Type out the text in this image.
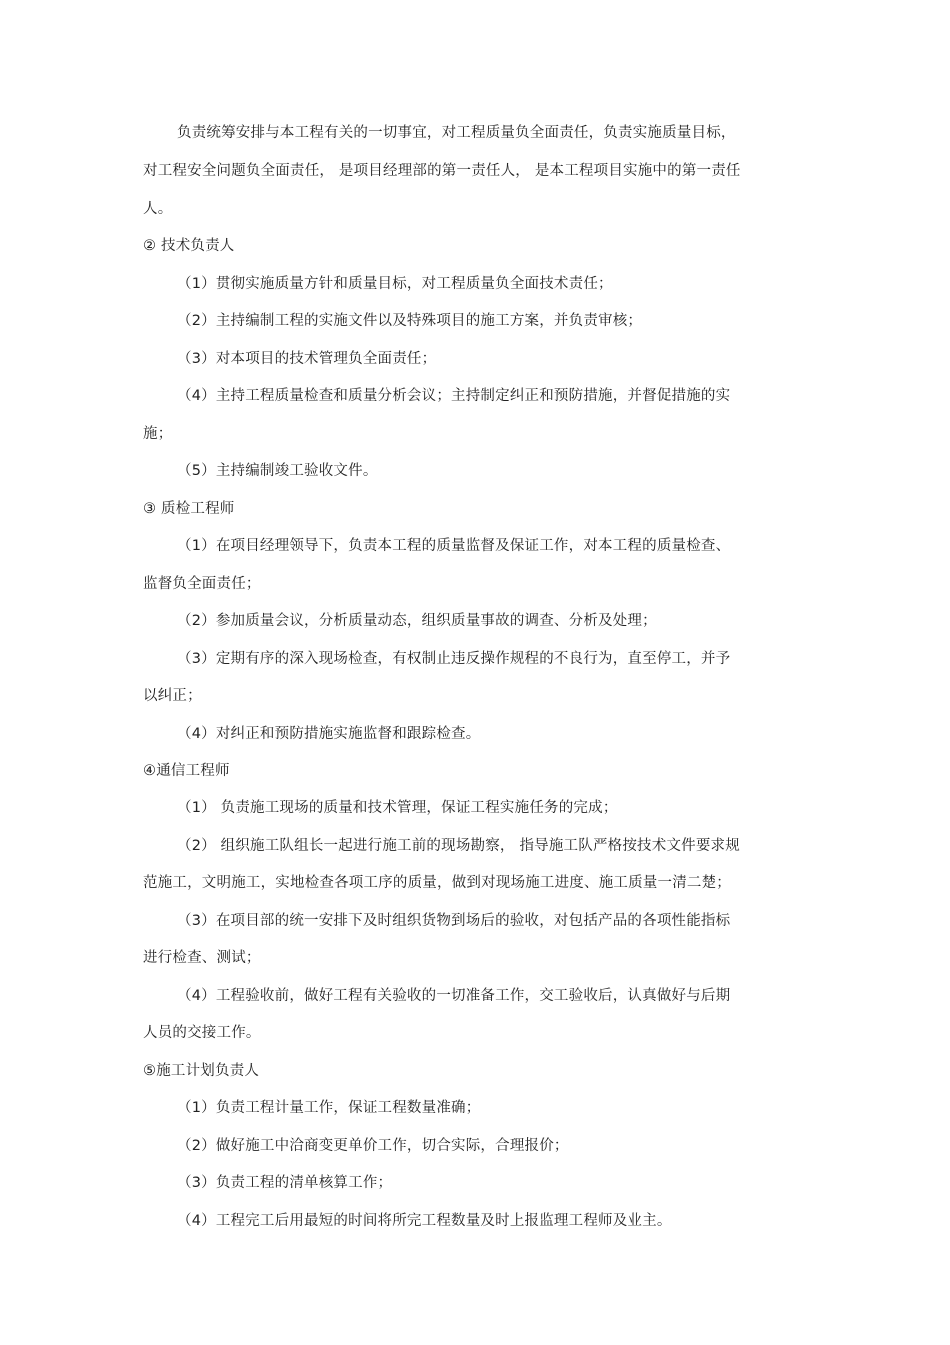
负责统筹安排与本工程有关的一切事宜，对工程质量负全面责任，负责实施质量目标，
对工程安全问题负全面责任， 是项目经理部的第一责任人， 是本工程项目实施中的第一责任
人。
② 技术负责人
（1）贯彻实施质量方针和质量目标，对工程质量负全面技术责任；
（2）主持编制工程的实施文件以及特殊项目的施工方案，并负责审核；
（3）对本项目的技术管理负全面责任；
（4）主持工程质量检查和质量分析会议；主持制定纠正和预防措施，并督促措施的实
施；
（5）主持编制竣工验收文件。
③ 质检工程师
（1）在项目经理领导下，负责本工程的质量监督及保证工作，对本工程的质量检查、
监督负全面责任；
（2）参加质量会议，分析质量动态，组织质量事故的调查、分析及处理；
（3）定期有序的深入现场检查，有权制止违反操作规程的不良行为，直至停工，并予
以纠正；
（4）对纠正和预防措施实施监督和跟踪检查。
④通信工程师
（1） 负责施工现场的质量和技术管理，保证工程实施任务的完成；
（2） 组织施工队组长一起进行施工前的现场勘察， 指导施工队严格按技术文件要求规
范施工，文明施工，实地检查各项工序的质量，做到对现场施工进度、施工质量一清二楚；
（3）在项目部的统一安排下及时组织货物到场后的验收，对包括产品的各项性能指标
进行检查、测试；
（4）工程验收前，做好工程有关验收的一切准备工作，交工验收后，认真做好与后期
人员的交接工作。
⑤施工计划负责人
（1）负责工程计量工作，保证工程数量准确；
（2）做好施工中洽商变更单价工作，切合实际，合理报价；
（3）负责工程的清单核算工作；
（4）工程完工后用最短的时间将所完工程数量及时上报监理工程师及业主。
